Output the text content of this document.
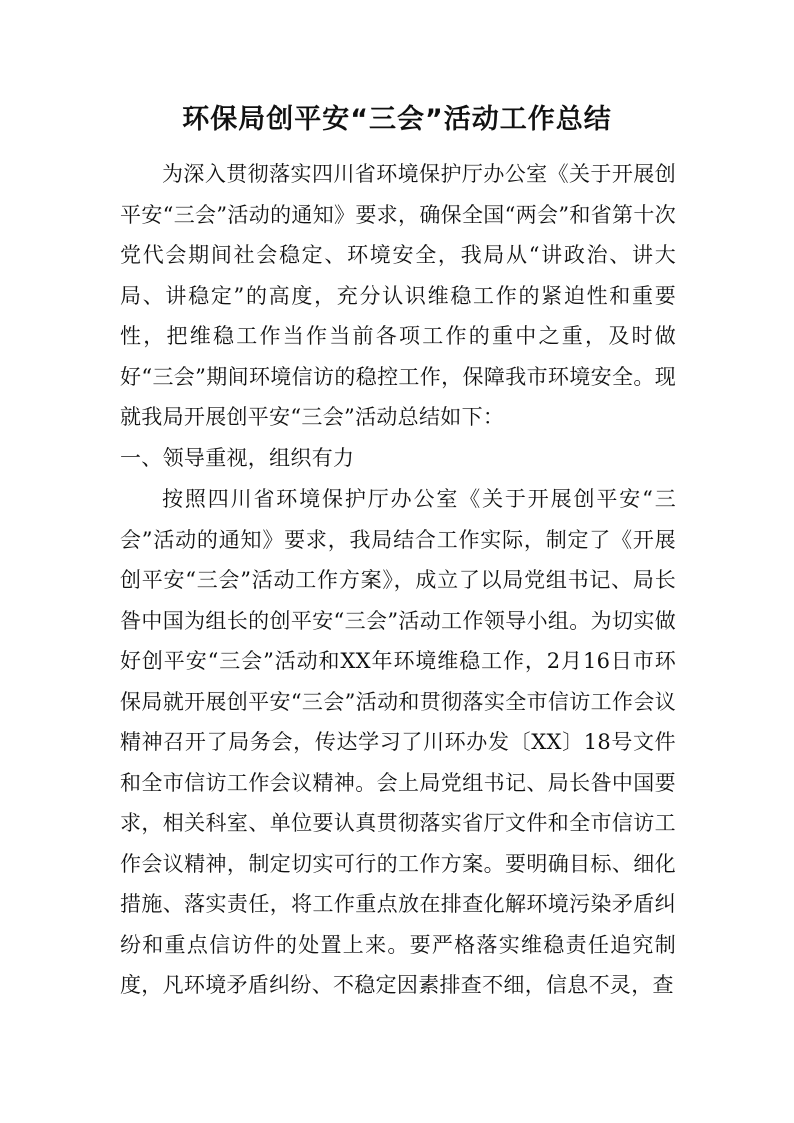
环保局创平安“三会”活动工作总结

为深入贯彻落实四川省环境保护厅办公室《关于开展创平安“三会”活动的通知》要求，确保全国“两会”和省第十次党代会期间社会稳定、环境安全，我局从“讲政治、讲大局、讲稳定”的高度，充分认识维稳工作的紧迫性和重要性，把维稳工作当作当前各项工作的重中之重，及时做好“三会”期间环境信访的稳控工作，保障我市环境安全。现就我局开展创平安“三会”活动总结如下：

一、领导重视，组织有力

按照四川省环境保护厅办公室《关于开展创平安“三会”活动的通知》要求，我局结合工作实际，制定了《开展创平安“三会”活动工作方案》，成立了以局党组书记、局长昝中国为组长的创平安“三会”活动工作领导小组。为切实做好创平安“三会”活动和XX年环境维稳工作，2月16日市环保局就开展创平安“三会”活动和贯彻落实全市信访工作会议精神召开了局务会，传达学习了川环办发〔XX〕18号文件和全市信访工作会议精神。会上局党组书记、局长昝中国要求，相关科室、单位要认真贯彻落实省厅文件和全市信访工作会议精神，制定切实可行的工作方案。要明确目标、细化措施、落实责任，将工作重点放在排查化解环境污染矛盾纠纷和重点信访件的处置上来。要严格落实维稳责任追究制度，凡环境矛盾纠纷、不稳定因素排查不细，信息不灵，查
